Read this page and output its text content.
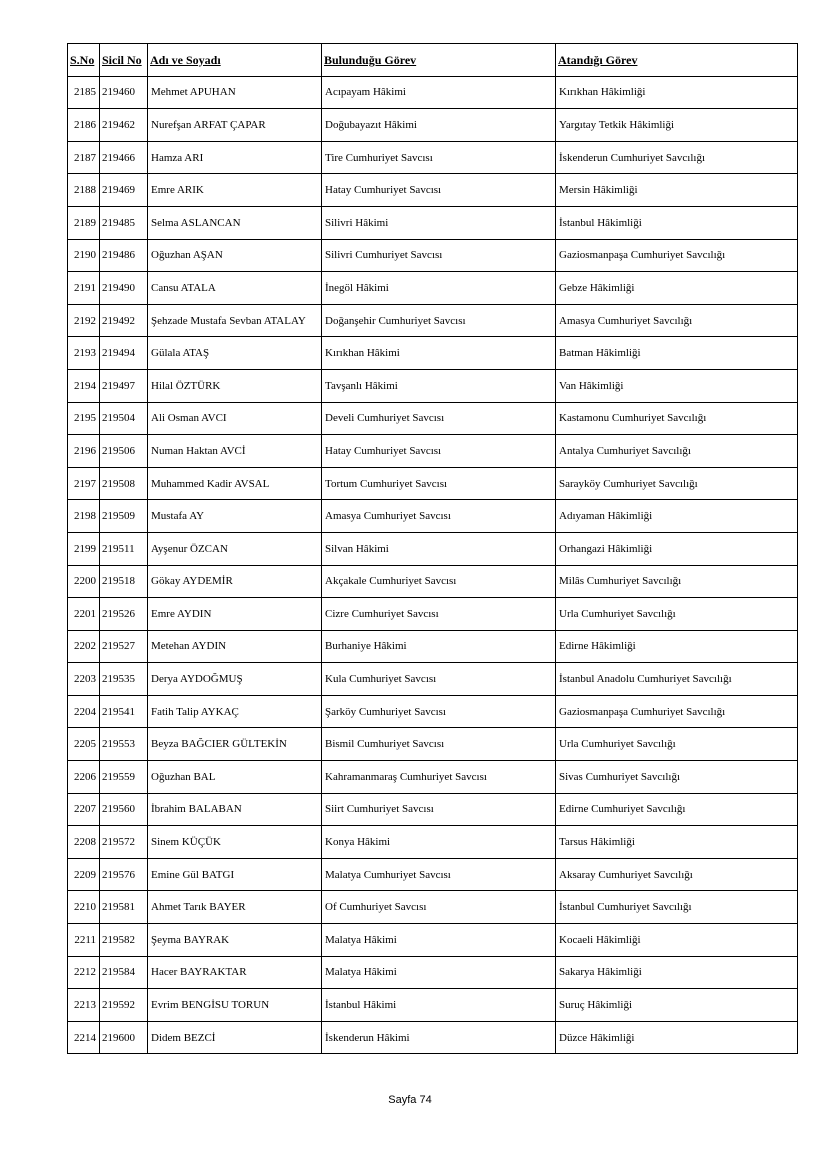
S.No	Sicil No	Adı ve Soyadı	Bulunduğu Görev	Atandığı Görev
2185	219460	Mehmet APUHAN	Acıpayam Hâkimi	Kırıkhan Hâkimliği
2186	219462	Nurefşan ARFAT ÇAPAR	Doğubayazıt Hâkimi	Yargıtay Tetkik Hâkimliği
2187	219466	Hamza ARI	Tire Cumhuriyet Savcısı	İskenderun Cumhuriyet Savcılığı
2188	219469	Emre ARIK	Hatay Cumhuriyet Savcısı	Mersin Hâkimliği
2189	219485	Selma ASLANCAN	Silivri Hâkimi	İstanbul Hâkimliği
2190	219486	Oğuzhan AŞAN	Silivri Cumhuriyet Savcısı	Gaziosmanpaşa Cumhuriyet Savcılığı
2191	219490	Cansu ATALA	İnegöl Hâkimi	Gebze Hâkimliği
2192	219492	Şehzade Mustafa Sevban ATALAY	Doğanşehir Cumhuriyet Savcısı	Amasya Cumhuriyet Savcılığı
2193	219494	Gülala ATAŞ	Kırıkhan Hâkimi	Batman Hâkimliği
2194	219497	Hilal ÖZTÜRK	Tavşanlı Hâkimi	Van Hâkimliği
2195	219504	Ali Osman AVCI	Develi Cumhuriyet Savcısı	Kastamonu Cumhuriyet Savcılığı
2196	219506	Numan Haktan AVCİ	Hatay Cumhuriyet Savcısı	Antalya Cumhuriyet Savcılığı
2197	219508	Muhammed Kadir AVSAL	Tortum Cumhuriyet Savcısı	Sarayköy Cumhuriyet Savcılığı
2198	219509	Mustafa AY	Amasya Cumhuriyet Savcısı	Adıyaman Hâkimliği
2199	219511	Ayşenur ÖZCAN	Silvan Hâkimi	Orhangazi Hâkimliği
2200	219518	Gökay AYDEMİR	Akçakale Cumhuriyet Savcısı	Milâs Cumhuriyet Savcılığı
2201	219526	Emre AYDIN	Cizre Cumhuriyet Savcısı	Urla Cumhuriyet Savcılığı
2202	219527	Metehan AYDIN	Burhaniye Hâkimi	Edirne Hâkimliği
2203	219535	Derya AYDOĞMUŞ	Kula Cumhuriyet Savcısı	İstanbul Anadolu Cumhuriyet Savcılığı
2204	219541	Fatih Talip AYKAÇ	Şarköy Cumhuriyet Savcısı	Gaziosmanpaşa Cumhuriyet Savcılığı
2205	219553	Beyza BAĞCIER GÜLTEKİN	Bismil Cumhuriyet Savcısı	Urla Cumhuriyet Savcılığı
2206	219559	Oğuzhan BAL	Kahramanmaraş Cumhuriyet Savcısı	Sivas Cumhuriyet Savcılığı
2207	219560	İbrahim BALABAN	Siirt Cumhuriyet Savcısı	Edirne Cumhuriyet Savcılığı
2208	219572	Sinem KÜÇÜK	Konya Hâkimi	Tarsus Hâkimliği
2209	219576	Emine Gül BATGI	Malatya Cumhuriyet Savcısı	Aksaray Cumhuriyet Savcılığı
2210	219581	Ahmet Tarık BAYER	Of Cumhuriyet Savcısı	İstanbul Cumhuriyet Savcılığı
2211	219582	Şeyma BAYRAK	Malatya Hâkimi	Kocaeli Hâkimliği
2212	219584	Hacer BAYRAKTAR	Malatya Hâkimi	Sakarya Hâkimliği
2213	219592	Evrim BENGİSU TORUN	İstanbul Hâkimi	Suruç Hâkimliği
2214	219600	Didem BEZCİ	İskenderun Hâkimi	Düzce Hâkimliği
Sayfa 74
